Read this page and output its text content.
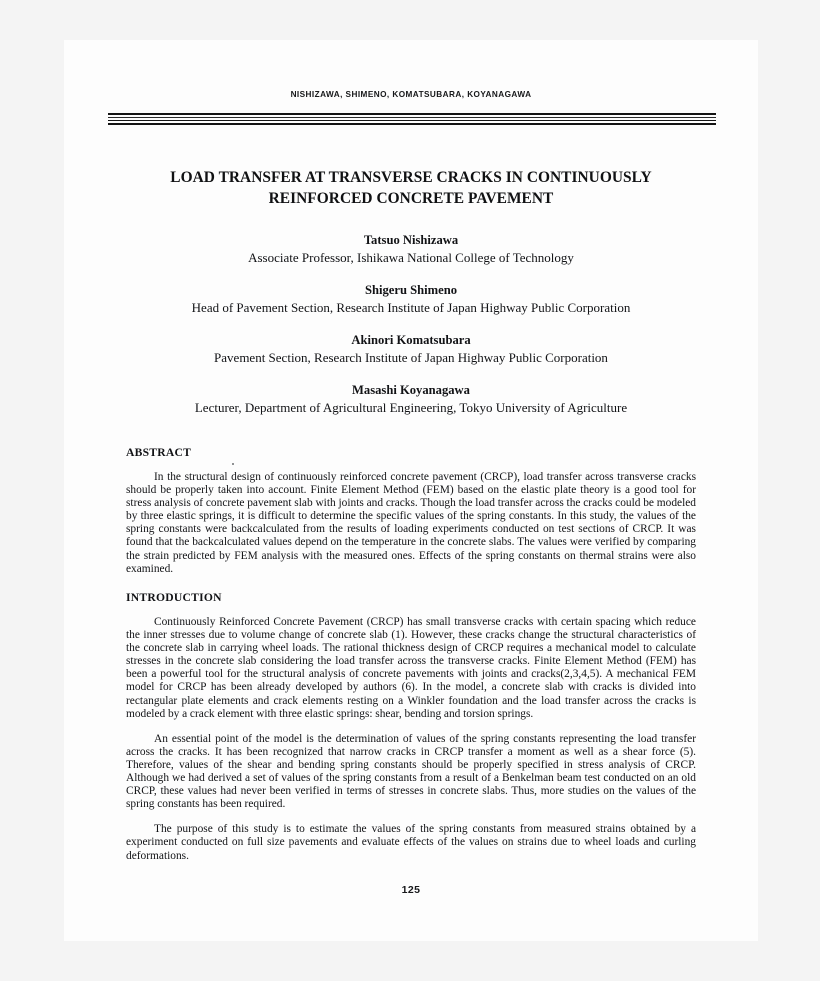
NISHIZAWA, SHIMENO, KOMATSUBARA, KOYANAGAWA
LOAD TRANSFER AT TRANSVERSE CRACKS IN CONTINUOUSLY REINFORCED CONCRETE PAVEMENT
Tatsuo Nishizawa
Associate Professor, Ishikawa National College of Technology
Shigeru Shimeno
Head of Pavement Section, Research Institute of Japan Highway Public Corporation
Akinori Komatsubara
Pavement Section, Research Institute of Japan Highway Public Corporation
Masashi Koyanagawa
Lecturer, Department of Agricultural Engineering, Tokyo University of Agriculture
ABSTRACT

In the structural design of continuously reinforced concrete pavement (CRCP), load transfer across transverse cracks should be properly taken into account. Finite Element Method (FEM) based on the elastic plate theory is a good tool for stress analysis of concrete pavement slab with joints and cracks. Though the load transfer across the cracks could be modeled by three elastic springs, it is difficult to determine the specific values of the spring constants. In this study, the values of the spring constants were backcalculated from the results of loading experiments conducted on test sections of CRCP. It was found that the backcalculated values depend on the temperature in the concrete slabs. The values were verified by comparing the strain predicted by FEM analysis with the measured ones. Effects of the spring constants on thermal strains were also examined.

INTRODUCTION

Continuously Reinforced Concrete Pavement (CRCP) has small transverse cracks with certain spacing which reduce the inner stresses due to volume change of concrete slab (1). However, these cracks change the structural characteristics of the concrete slab in carrying wheel loads. The rational thickness design of CRCP requires a mechanical model to calculate stresses in the concrete slab considering the load transfer across the transverse cracks. Finite Element Method (FEM) has been a powerful tool for the structural analysis of concrete pavements with joints and cracks(2,3,4,5). A mechanical FEM model for CRCP has been already developed by authors (6). In the model, a concrete slab with cracks is divided into rectangular plate elements and crack elements resting on a Winkler foundation and the load transfer across the cracks is modeled by a crack element with three elastic springs: shear, bending and torsion springs.

An essential point of the model is the determination of values of the spring constants representing the load transfer across the cracks. It has been recognized that narrow cracks in CRCP transfer a moment as well as a shear force (5). Therefore, values of the shear and bending spring constants should be properly specified in stress analysis of CRCP. Although we had derived a set of values of the spring constants from a result of a Benkelman beam test conducted on an old CRCP, these values had never been verified in terms of stresses in concrete slabs. Thus, more studies on the values of the spring constants has been required.

The purpose of this study is to estimate the values of the spring constants from measured strains obtained by a experiment conducted on full size pavements and evaluate effects of the values on strains due to wheel loads and curling deformations.

125
